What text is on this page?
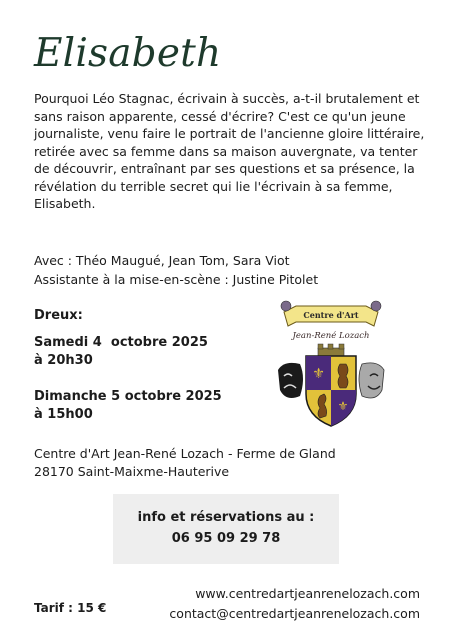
Elisabeth
Pourquoi Léo Stagnac, écrivain à succès, a-t-il brutalement et sans raison apparente, cessé d'écrire? C'est ce qu'un jeune journaliste, venu faire le portrait de l'ancienne gloire littéraire, retirée avec sa femme dans sa maison auvergnate, va tenter de découvrir, entraînant par ses questions et sa présence, la révélation du terrible secret qui lie l'écrivain à sa femme, Elisabeth.
Avec : Théo Maugué, Jean Tom, Sara Viot
Assistante à la mise-en-scène : Justine Pitolet
Dreux:
Samedi 4  octobre 2025
à 20h30
Dimanche 5 octobre 2025
à 15h00
Centre d'Art Jean-René Lozach - Ferme de Gland
28170 Saint-Maixme-Hauterive
info et réservations au :
06 95 09 29 78
www.centredartjeanrenelozach.com
contact@centredartjeanrenelozach.com
Tarif : 15 €
Centre d'Art
Jean-René Lozach
⚜
⚜
